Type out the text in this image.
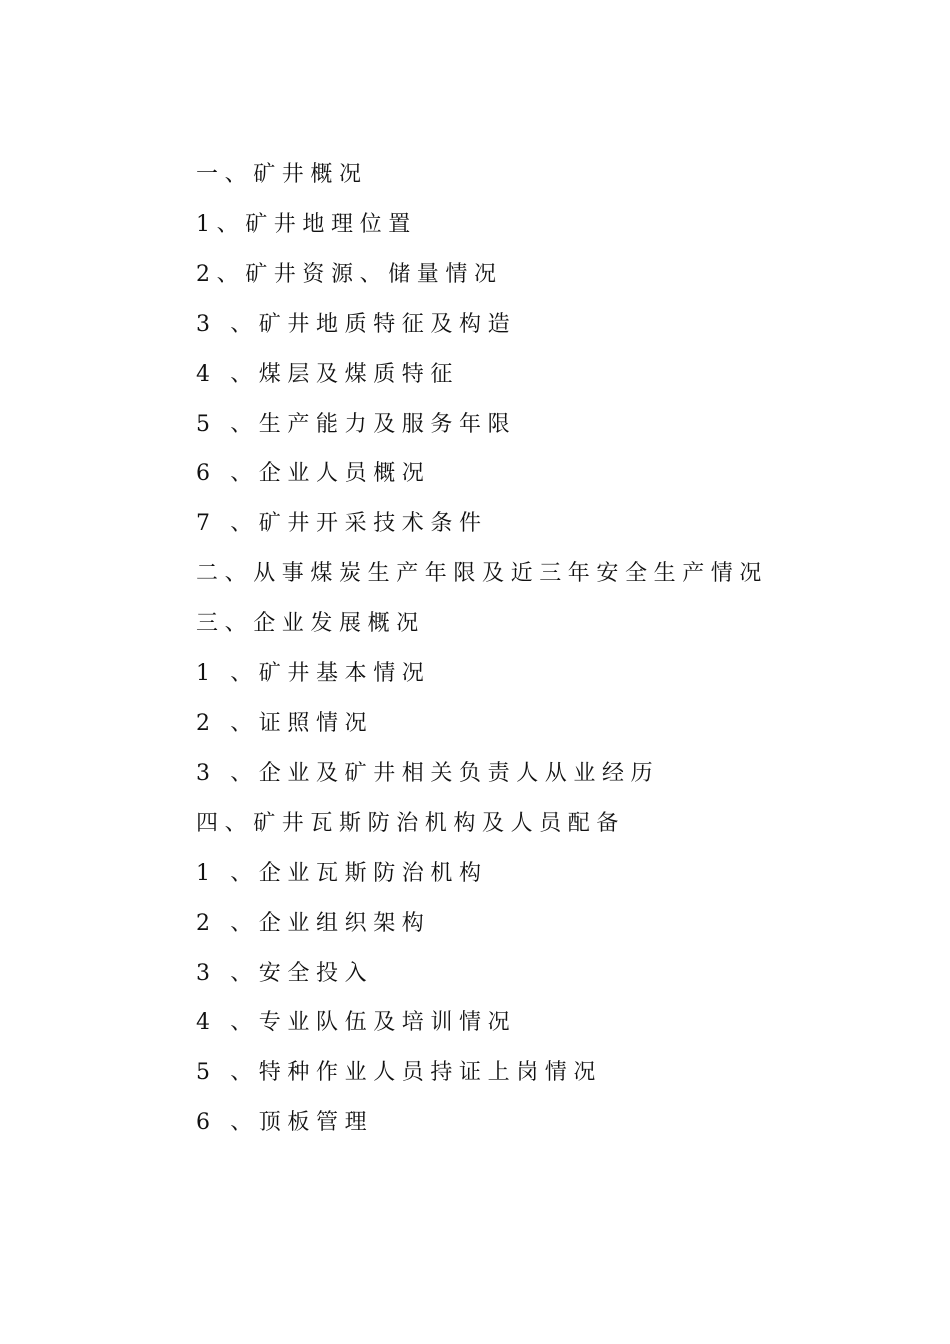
一、矿井概况
1、矿井地理位置
2、矿井资源、储量情况
3 、矿井地质特征及构造
4 、煤层及煤质特征
5 、生产能力及服务年限
6 、企业人员概况
7 、矿井开采技术条件
二、从事煤炭生产年限及近三年安全生产情况
三、企业发展概况
1 、矿井基本情况
2 、证照情况
3 、企业及矿井相关负责人从业经历
四、矿井瓦斯防治机构及人员配备
1 、企业瓦斯防治机构
2 、企业组织架构
3 、安全投入
4 、专业队伍及培训情况
5 、特种作业人员持证上岗情况
6 、顶板管理
